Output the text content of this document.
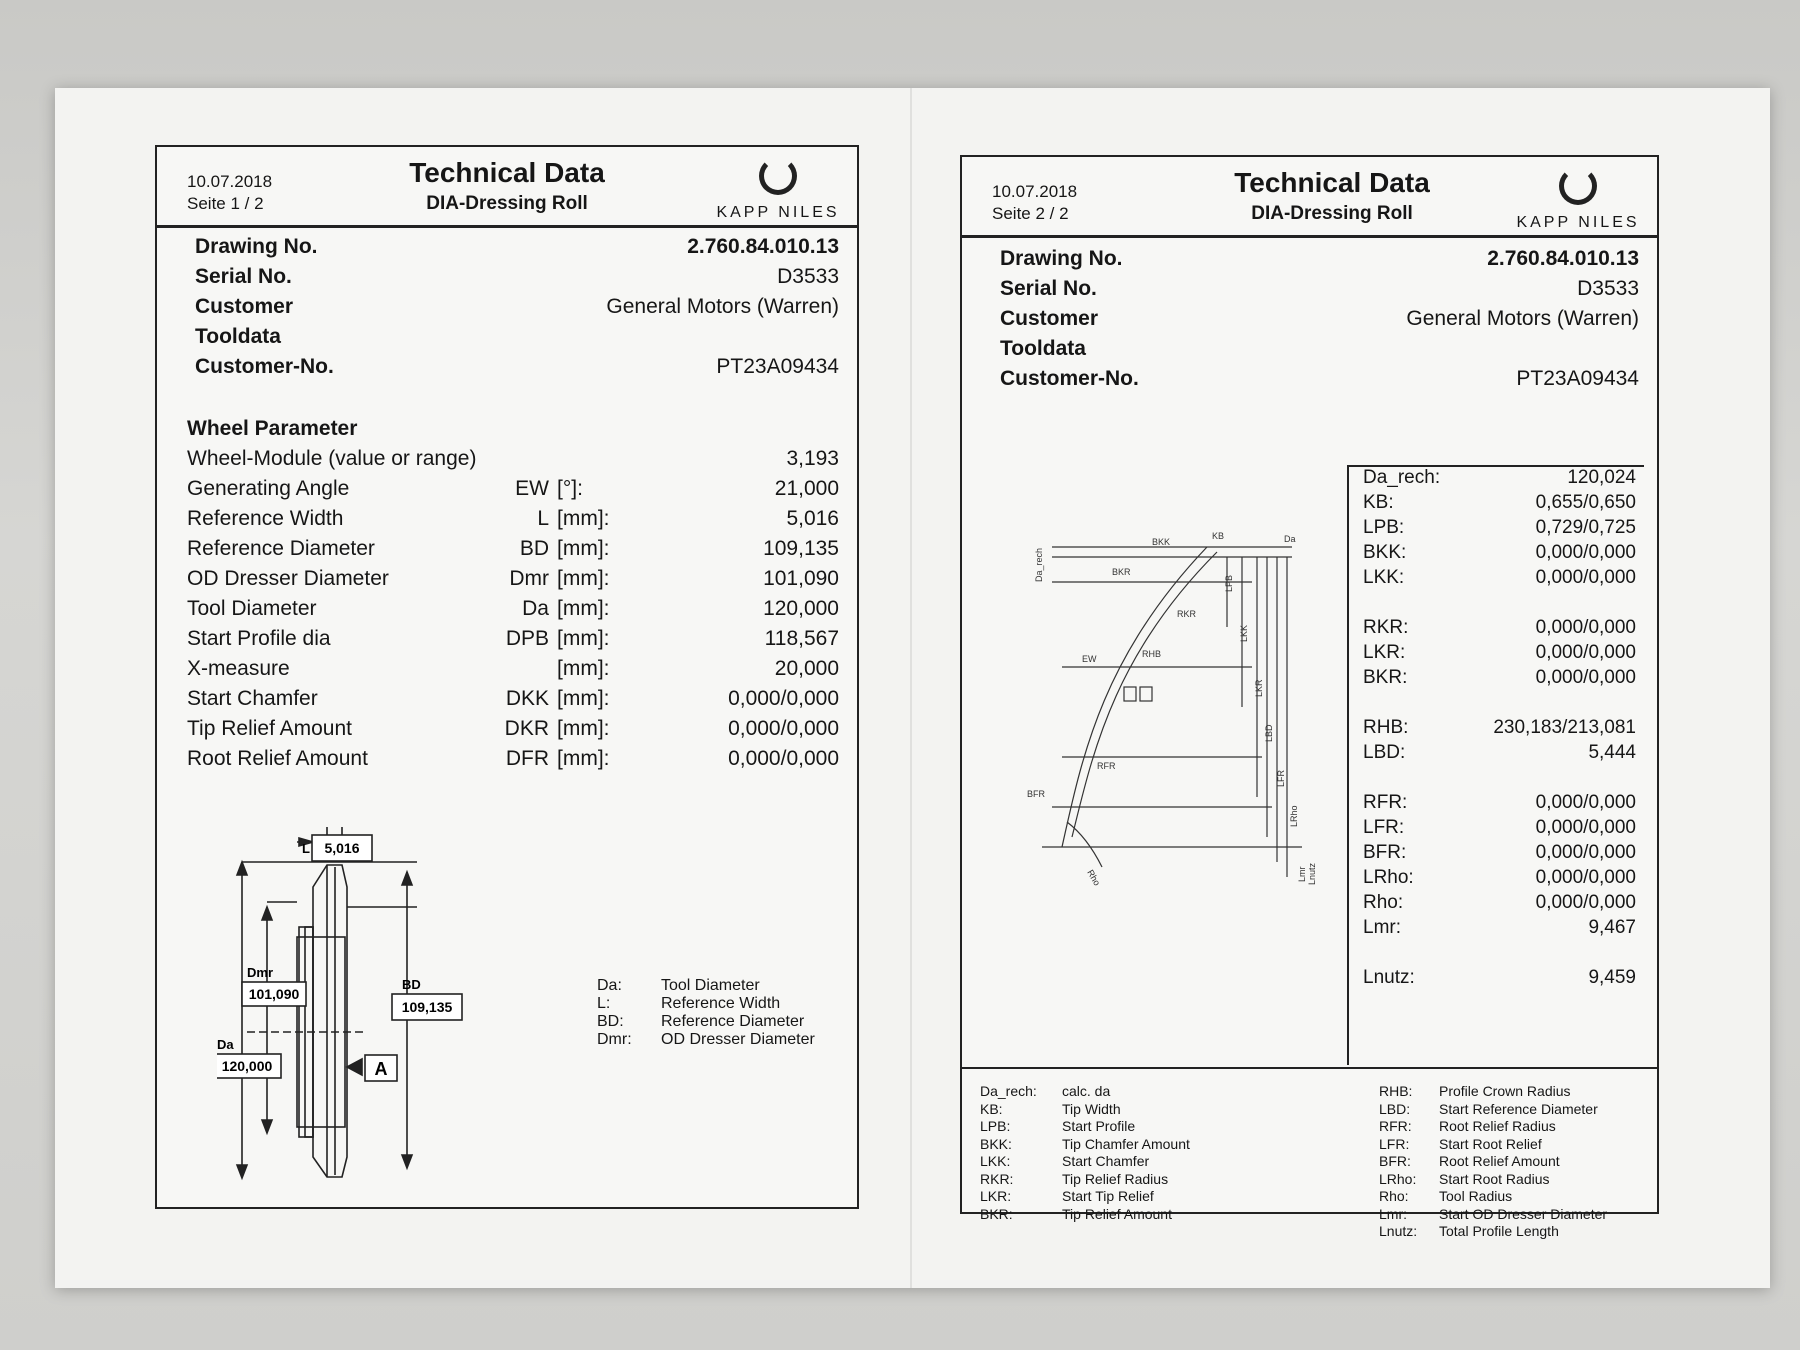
10.07.2018
Seite 1 / 2
Technical Data
DIA-Dressing Roll	KAPP NILES
Drawing No.	2.760.84.010.13
Serial No.	D3533
Customer	General Motors (Warren)
Tooldata
Customer-No.	PT23A09434
Wheel Parameter
Wheel-Module (value or range)	3,193
Generating Angle	EW [°]:	21,000
Reference Width	L [mm]:	5,016
Reference Diameter	BD [mm]:	109,135
OD Dresser Diameter	Dmr [mm]:	101,090
Tool Diameter	Da [mm]:	120,000
Start Profile dia	DPB [mm]:	118,567
X-measure	[mm]:	20,000
Start Chamfer	DKK [mm]:	0,000/0,000
Tip Relief Amount	DKR [mm]:	0,000/0,000
Root Relief Amount	DFR [mm]:	0,000/0,000
L 5,016
Dmr
101,090
BD
109,135
Da
120,000	A
Da:	Tool Diameter
L:	Reference Width
BD:	Reference Diameter
Dmr:	OD Dresser Diameter
10.07.2018
Seite 2 / 2
Technical Data
DIA-Dressing Roll	KAPP NILES
Drawing No.	2.760.84.010.13
Serial No.	D3533
Customer	General Motors (Warren)
Tooldata
Customer-No.	PT23A09434
BKK
KB	Da
Da_rech	BKR
LPB
RKR
LKK
EW	RHB
LKR
LBD
RFR
BFR
LFR
LRho
Rho	Lmr Lnutz
Da_rech:	120,024
KB:	0,655/0,650
LPB:	0,729/0,725
BKK:	0,000/0,000
LKK:	0,000/0,000
RKR:	0,000/0,000
LKR:	0,000/0,000
BKR:	0,000/0,000
RHB:	230,183/213,081
LBD:	5,444
RFR:	0,000/0,000
LFR:	0,000/0,000
BFR:	0,000/0,000
LRho:	0,000/0,000
Rho:	0,000/0,000
Lmr:	9,467
Lnutz:	9,459
Da_rech:	calc. da
KB:	Tip Width
LPB:	Start Profile
BKK:	Tip Chamfer Amount
LKK:	Start Chamfer
RKR:	Tip Relief Radius
LKR:	Start Tip Relief
BKR:	Tip Relief Amount
RHB:	Profile Crown Radius
LBD:	Start Reference Diameter
RFR:	Root Relief Radius
LFR:	Start Root Relief
BFR:	Root Relief Amount
LRho:	Start Root Radius
Rho:	Tool Radius
Lmr:	Start OD Dresser Diameter
Lnutz:	Total Profile Length
